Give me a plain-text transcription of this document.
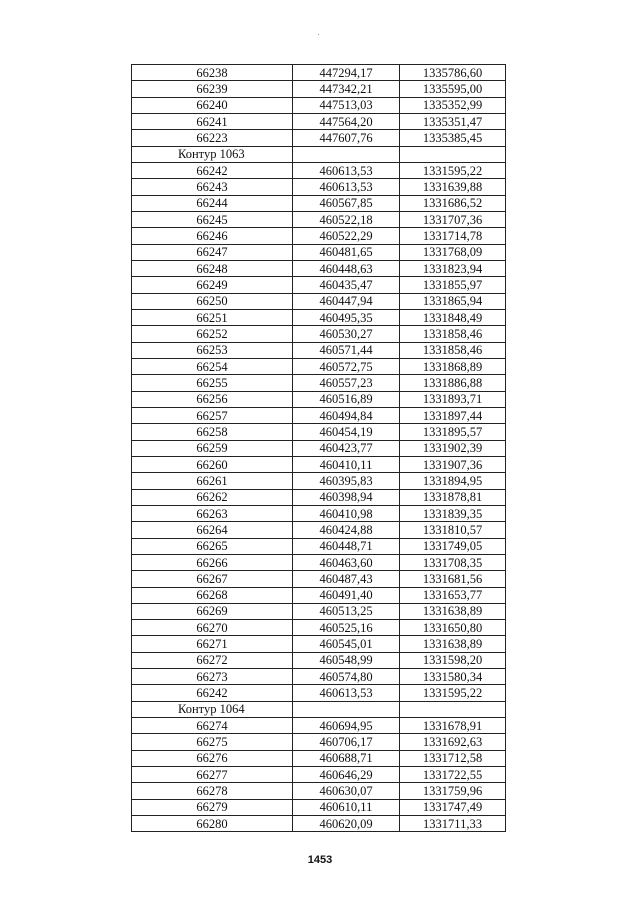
66238	447294,17	1335786,60
66239	447342,21	1335595,00
66240	447513,03	1335352,99
66241	447564,20	1335351,47
66223	447607,76	1335385,45
Контур 1063		
66242	460613,53	1331595,22
66243	460613,53	1331639,88
66244	460567,85	1331686,52
66245	460522,18	1331707,36
66246	460522,29	1331714,78
66247	460481,65	1331768,09
66248	460448,63	1331823,94
66249	460435,47	1331855,97
66250	460447,94	1331865,94
66251	460495,35	1331848,49
66252	460530,27	1331858,46
66253	460571,44	1331858,46
66254	460572,75	1331868,89
66255	460557,23	1331886,88
66256	460516,89	1331893,71
66257	460494,84	1331897,44
66258	460454,19	1331895,57
66259	460423,77	1331902,39
66260	460410,11	1331907,36
66261	460395,83	1331894,95
66262	460398,94	1331878,81
66263	460410,98	1331839,35
66264	460424,88	1331810,57
66265	460448,71	1331749,05
66266	460463,60	1331708,35
66267	460487,43	1331681,56
66268	460491,40	1331653,77
66269	460513,25	1331638,89
66270	460525,16	1331650,80
66271	460545,01	1331638,89
66272	460548,99	1331598,20
66273	460574,80	1331580,34
66242	460613,53	1331595,22
Контур 1064		
66274	460694,95	1331678,91
66275	460706,17	1331692,63
66276	460688,71	1331712,58
66277	460646,29	1331722,55
66278	460630,07	1331759,96
66279	460610,11	1331747,49
66280	460620,09	1331711,33
1453
